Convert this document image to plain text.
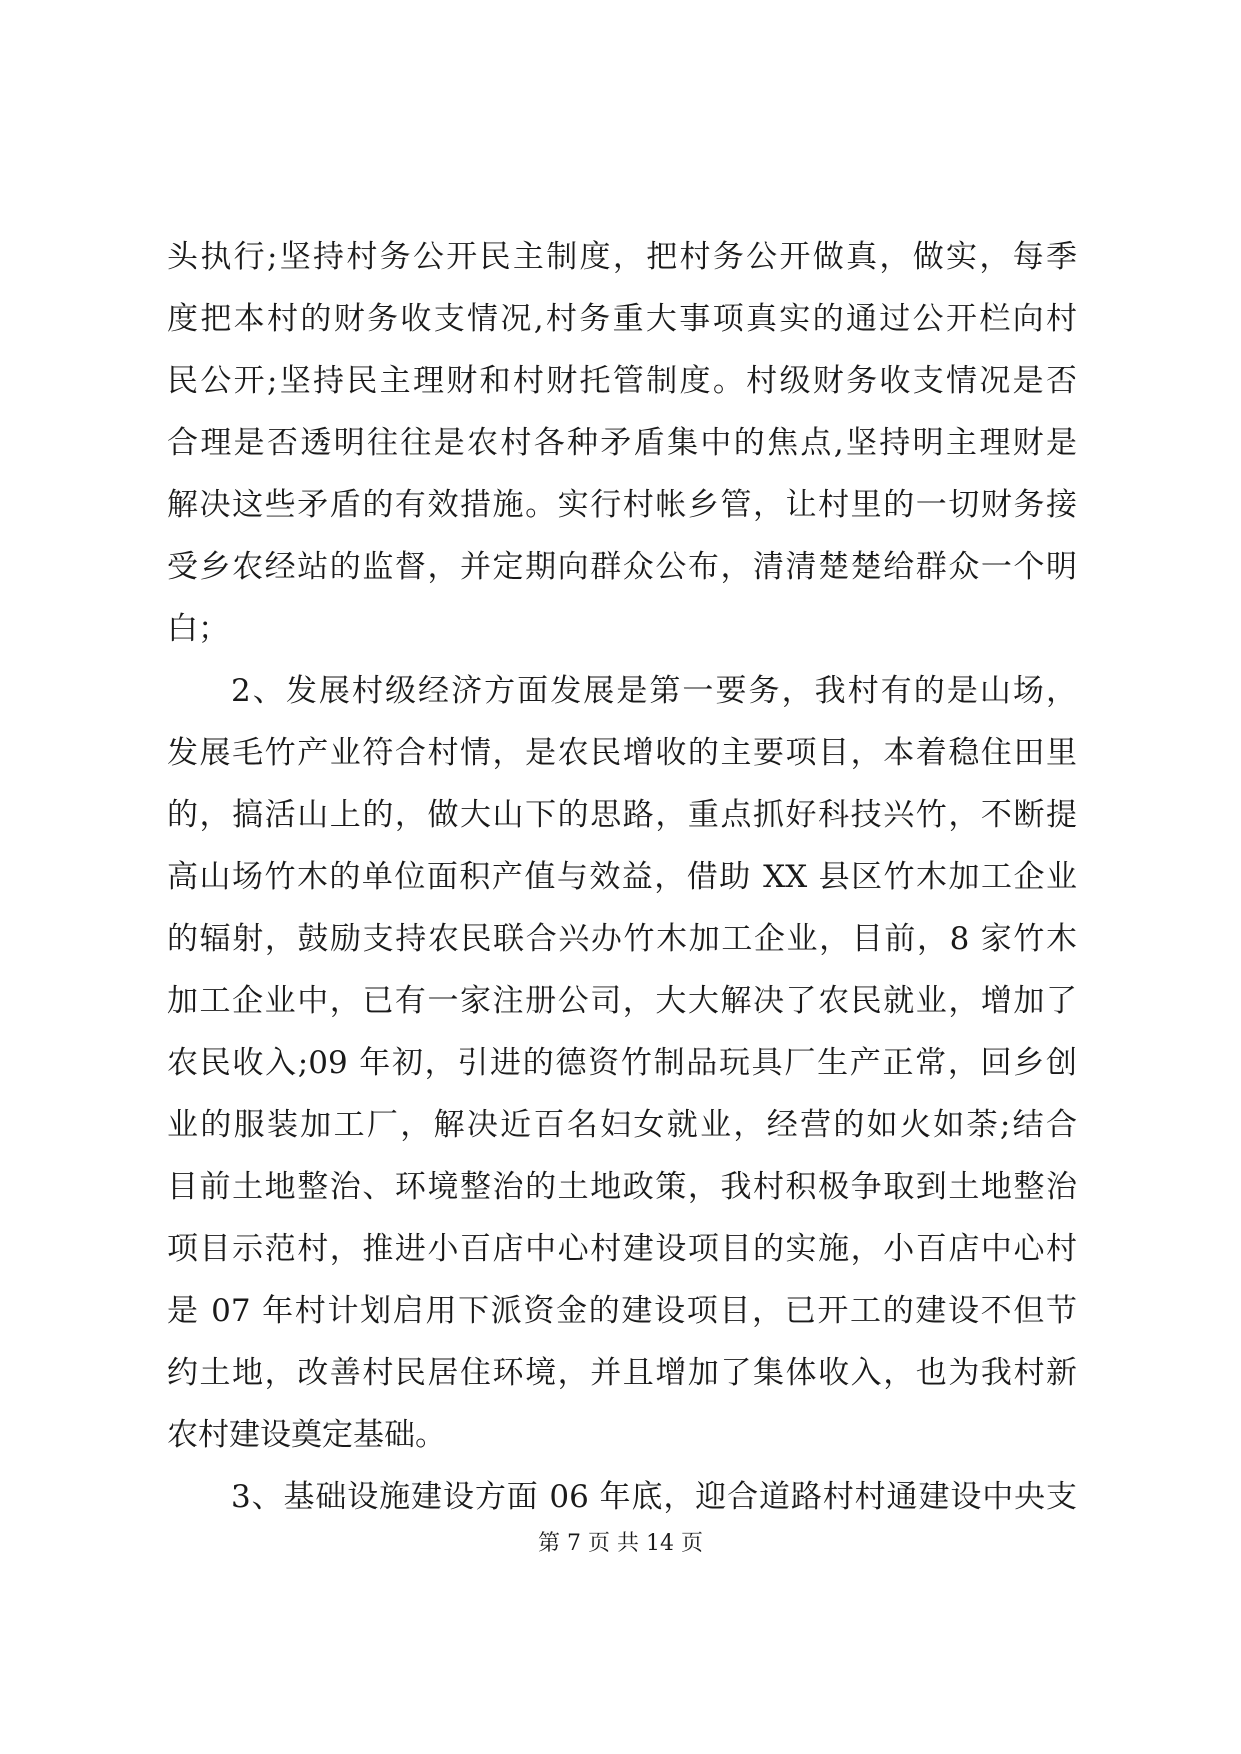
头执行;坚持村务公开民主制度，把村务公开做真，做实，每季
度把本村的财务收支情况,村务重大事项真实的通过公开栏向村
民公开;坚持民主理财和村财托管制度。村级财务收支情况是否
合理是否透明往往是农村各种矛盾集中的焦点,坚持明主理财是
解决这些矛盾的有效措施。实行村帐乡管，让村里的一切财务接
受乡农经站的监督，并定期向群众公布，清清楚楚给群众一个明
白；
2、发展村级经济方面发展是第一要务，我村有的是山场，
发展毛竹产业符合村情，是农民增收的主要项目，本着稳住田里
的，搞活山上的，做大山下的思路，重点抓好科技兴竹，不断提
高山场竹木的单位面积产值与效益，借助 XX 县区竹木加工企业
的辐射，鼓励支持农民联合兴办竹木加工企业，目前，8 家竹木
加工企业中，已有一家注册公司，大大解决了农民就业，增加了
农民收入;09 年初，引进的德资竹制品玩具厂生产正常，回乡创
业的服装加工厂，解决近百名妇女就业，经营的如火如荼;结合
目前土地整治、环境整治的土地政策，我村积极争取到土地整治
项目示范村，推进小百店中心村建设项目的实施，小百店中心村
是 07 年村计划启用下派资金的建设项目，已开工的建设不但节
约土地，改善村民居住环境，并且增加了集体收入，也为我村新
农村建设奠定基础。
3、基础设施建设方面 06 年底，迎合道路村村通建设中央支
第 7 页 共 14 页
